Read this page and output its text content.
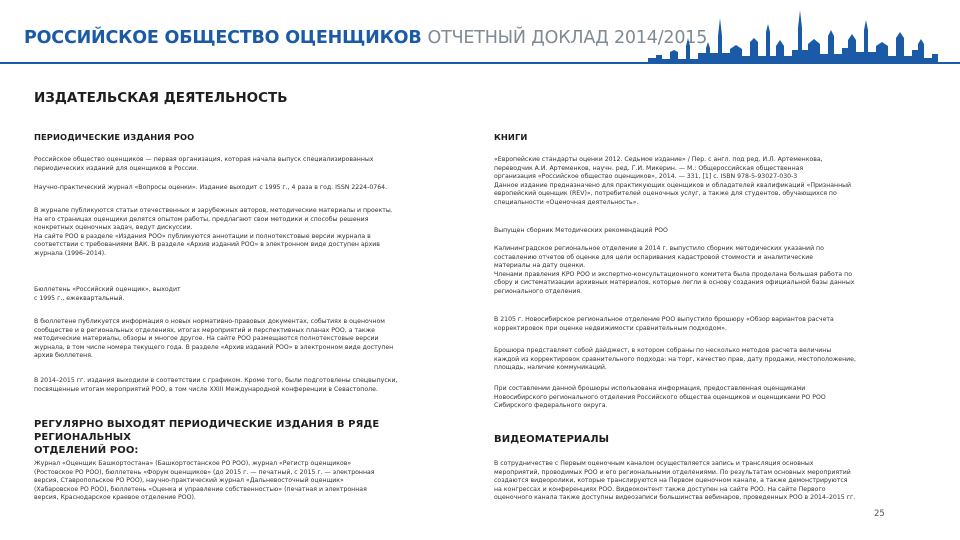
РОССИЙСКОЕ ОБЩЕСТВО ОЦЕНЩИКОВ ОТЧЕТНЫЙ ДОКЛАД 2014/2015
ИЗДАТЕЛЬСКАЯ ДЕЯТЕЛЬНОСТЬ
ПЕРИОДИЧЕСКИЕ ИЗДАНИЯ РОО
Российское общество оценщиков — первая организация, которая начала выпуск специализированных
периодических изданий для оценщиков в России.
Научно-практический журнал «Вопросы оценки». Издание выходит с 1995 г., 4 раза в год. ISSN 2224-0764.
В журнале публикуются статьи отечественных и зарубежных авторов, методические материалы и проекты.
На его страницах оценщики делятся опытом работы, предлагают свои методики и способы решения
конкретных оценочных задач, ведут дискуссии.
На сайте РОО в разделе «Издания РОО» публикуются аннотации и полнотекстовые версии журнала в
соответствии с требованиями ВАК. В разделе «Архив изданий РОО» в электронном виде доступен архив
журнала (1996–2014).
Бюллетень «Российский оценщик», выходит
с 1995 г., ежеквартальный.
В бюллетене публикуется информация о новых нормативно-правовых документах, событиях в оценочном
сообществе и в региональных отделениях, итогах мероприятий и перспективных планах РОО, а также
методические материалы, обзоры и многое другое. На сайте РОО размещаются полнотекстовые версии
журнала, в том числе номера текущего года. В разделе «Архив изданий РОО» в электронном виде доступен
архив бюллетеня.
В 2014–2015 гг. издания выходили в соответствии с графиком. Кроме того, были подготовлены спецвыпуски,
посвященные итогам мероприятий РОО, в том числе XXIII Международной конференции в Севастополе.
РЕГУЛЯРНО ВЫХОДЯТ ПЕРИОДИЧЕСКИЕ ИЗДАНИЯ В РЯДЕ РЕГИОНАЛЬНЫХ
ОТДЕЛЕНИЙ РОО:
Журнал «Оценщик Башкортостана» (Башкортостанское РО РОО), журнал «Регистр оценщиков»
(Ростовское РО РОО), бюллетень «Форум оценщиков» (до 2015 г. — печатный, с 2015 г. — электронная
версия, Ставропольское РО РОО), научно-практический журнал «Дальневосточный оценщик»
(Хабаровское РО РОО), бюллетень «Оценка и управление собственностью» (печатная и электронная
версия, Краснодарское краевое отделение РОО).
КНИГИ
«Европейские стандарты оценки 2012. Седьмое издание» / Пер. с англ. под ред. И.Л. Артеменкова,
переводчик А.И. Артеменков, научн. ред. Г.И. Микерин. — М.: Общероссийская общественная
организация «Российское общество оценщиков», 2014. — 331, [1] с. ISBN 978-5-93027-030-3
Данное издание предназначено для практикующих оценщиков и обладателей квалификаций «Признанный
европейский оценщик (REV)», потребителей оценочных услуг, а также для студентов, обучающихся по
специальности «Оценочная деятельность».
Выпущен сборник Методических рекомендаций РОО
Калининградское региональное отделение в 2014 г. выпустило сборник методических указаний по
составлению отчетов об оценке для цели оспаривания кадастровой стоимости и аналитические
материалы на дату оценки.
Членами правления КРО РОО и экспертно-консультационного комитета была проделана большая работа по
сбору и систематизации архивных материалов, которые легли в основу создания официальной базы данных
регионального отделения.
В 2105 г. Новосибирское региональное отделение РОО выпустило брошюру «Обзор вариантов расчета
корректировок при оценке недвижимости сравнительным подходом».
Брошюра представляет собой дайджест, в котором собраны по несколько методов расчета величины
каждой из корректировок сравнительного подхода: на торг, качество прав, дату продажи, местоположение,
площадь, наличие коммуникаций.
При составлении данной брошюры использована информация, предоставленная оценщиками
Новосибирского регионального отделения Российского общества оценщиков и оценщиками РО РОО
Сибирского федерального округа.
ВИДЕОМАТЕРИАЛЫ
В сотрудничестве с Первым оценочным каналом осуществляется запись и трансляция основных
мероприятий, проводимых РОО и его региональными отделениями. По результатам основных мероприятий
создаются видеоролики, которые транслируются на Первом оценочном канале, а также демонстрируются
на конгрессах и конференциях РОО. Видеоконтент также доступен на сайте РОО. На сайте Первого
оценочного канала также доступны видеозаписи большинства вебинаров, проведенных РОО в 2014–2015 гг.
25
